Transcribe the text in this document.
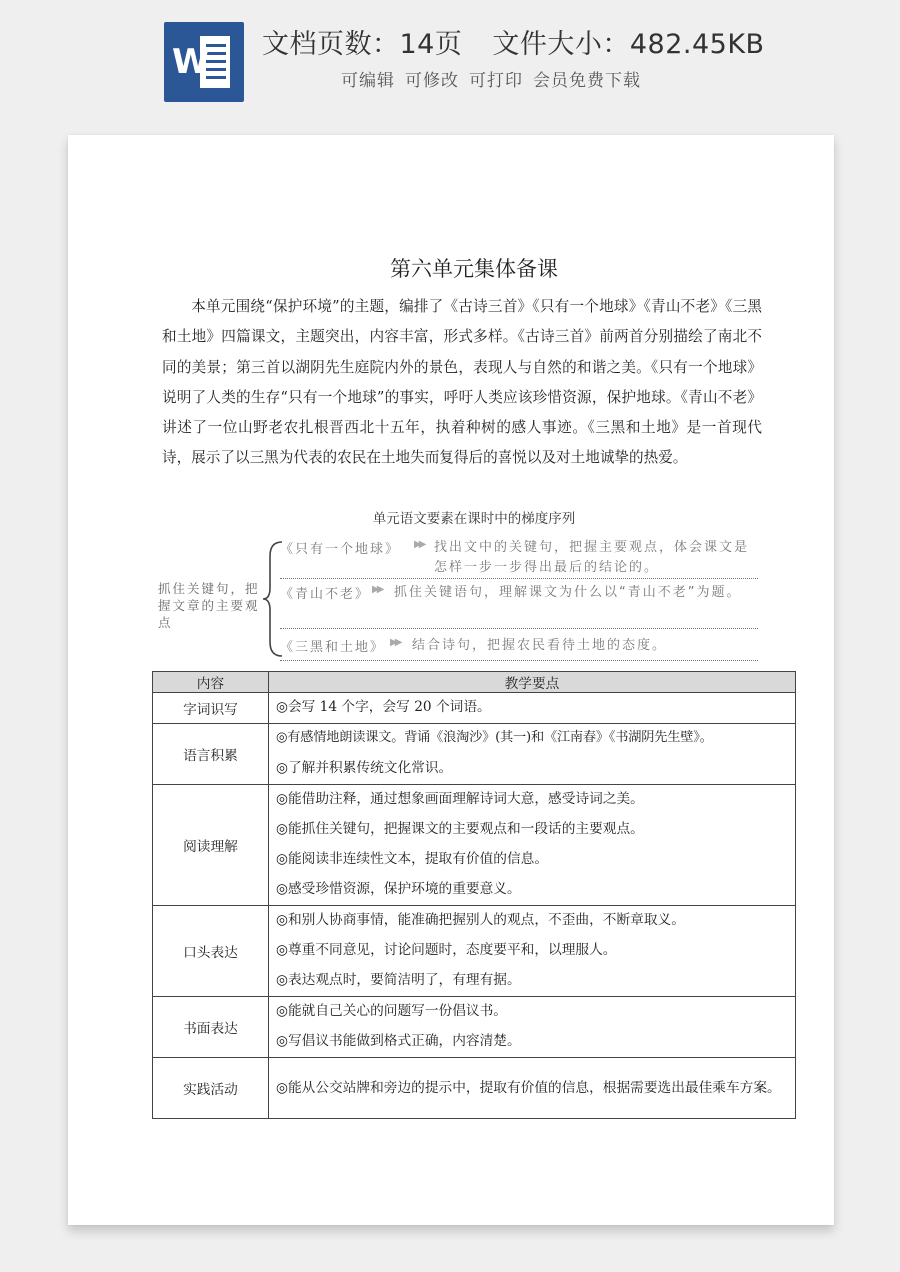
W 文档页数：14页 文件大小：482.45KB
可编辑 可修改 可打印 会员免费下载
第六单元集体备课

本单元围绕“保护环境”的主题，编排了《古诗三首》《只有一个地球》《青山不老》《三黑和土地》四篇课文，主题突出，内容丰富，形式多样。《古诗三首》前两首分别描绘了南北不同的美景；第三首以湖阴先生庭院内外的景色，表现人与自然的和谐之美。《只有一个地球》说明了人类的生存“只有一个地球”的事实，呼吁人类应该珍惜资源，保护地球。《青山不老》讲述了一位山野老农扎根晋西北十五年，执着种树的感人事迹。《三黑和土地》是一首现代诗，展示了以三黑为代表的农民在土地失而复得后的喜悦以及对土地诚挚的热爱。

单元语文要素在课时中的梯度序列
抓住关键句，把握文章的主要观点
《只有一个地球》 ▶▶ 找出文中的关键句，把握主要观点，体会课文是怎样一步一步得出最后的结论的。
《青山不老》 ▶▶ 抓住关键语句，理解课文为什么以“青山不老”为题。
《三黑和土地》 ▶▶ 结合诗句，把握农民看待土地的态度。
内容	教学要点
字词识写	◎会写 14 个字，会写 20 个词语。

语言积累	◎有感情地朗读课文。背诵《浪淘沙》(其一)和《江南春》《书湖阴先生壁》。
◎了解并积累传统文化常识。

阅读理解	◎能借助注释，通过想象画面理解诗词大意，感受诗词之美。
◎能抓住关键句，把握课文的主要观点和一段话的主要观点。
◎能阅读非连续性文本，提取有价值的信息。
◎感受珍惜资源，保护环境的重要意义。

口头表达	◎和别人协商事情，能准确把握别人的观点，不歪曲，不断章取义。
◎尊重不同意见，讨论问题时，态度要平和，以理服人。
◎表达观点时，要简洁明了，有理有据。

书面表达	◎能就自己关心的问题写一份倡议书。
◎写倡议书能做到格式正确，内容清楚。

实践活动	◎能从公交站牌和旁边的提示中，提取有价值的信息，根据需要选出最佳乘车方案。
